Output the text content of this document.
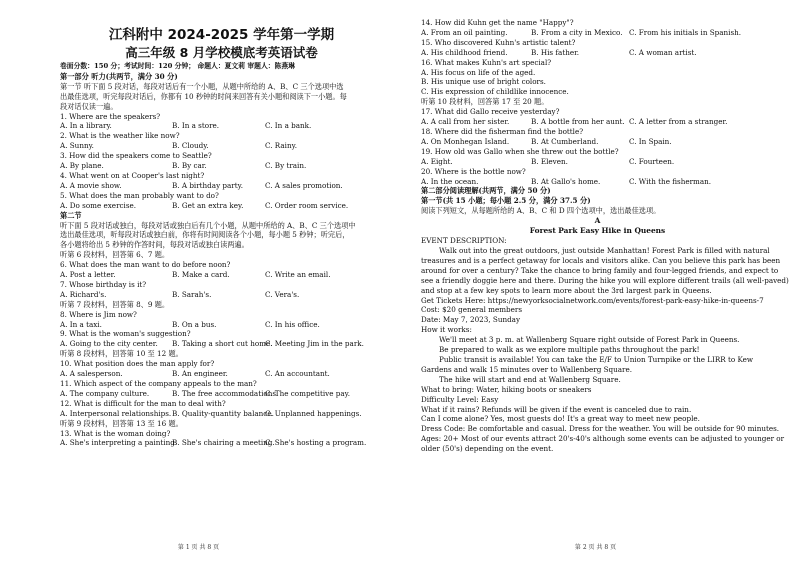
江科附中 2024-2025 学年第一学期
高三年级 8 月学校模底考英语试卷
卷面分数：150 分；考试时间：120 分钟； 命题人：夏文莉 审题人：陈燕琳
第一部分 听力(共两节，满分 30 分)
第一节 听下面 5 段对话，每段对话后有一个小题，从题中所给的 A、B、C 三个选项中选
出最佳选项，听完每段对话后，你都有 10 秒钟的时间来回答有关小题和阅读下一小题。每
段对话仅读一遍。
1. Where are the speakers?
A. In a library.	B. In a store.	C. In a bank.
2. What is the weather like now?
A. Sunny.	B. Cloudy.	C. Rainy.
3. How did the speakers come to Seattle?
A. By plane.	B. By car.	C. By train.
4. What went on at Cooper's last night?
A. A movie show.	B. A birthday party.	C. A sales promotion.
5. What does the man probably want to do?
A. Do some exercise.	B. Get an extra key.	C. Order room service.
第二节
听下面 5 段对话或独白，每段对话或独白后有几个小题，从题中所给的 A、B、C 三个选项中
选出最佳选项，听每段对话或独白前，你将有时间阅读各个小题，每小题 5 秒钟；听完后，
各小题将给出 5 秒钟的作答时间，每段对话或独白读两遍。
听第 6 段材料，回答第 6、7 题。
6. What does the man want to do before noon?
A. Post a letter.	B. Make a card.	C. Write an email.
7. Whose birthday is it?
A. Richard's.	B. Sarah's.	C. Vera's.
听第 7 段材料，回答第 8、9 题。
8. Where is Jim now?
A. In a taxi.	B. On a bus.	C. In his office.
9. What is the woman's suggestion?
A. Going to the city center.	B. Taking a short cut home.
C. Meeting Jim in the park.
听第 8 段材料，回答第 10 至 12 题。
10. What position does the man apply for?
A. A salesperson.	B. An engineer.	C. An accountant.
11. Which aspect of the company appeals to the man?
A. The company culture.	B. The free accommodations.
C. The competitive pay.
12. What is difficult for the man to deal with?
A. Interpersonal relationships. B. Quality-quantity balance.
C. Unplanned happenings.
听第 9 段材料，回答第 13 至 16 题。
13. What is the woman doing?
A. She's interpreting a painting.
B. She's chairing a meeting.
C. She's hosting a program.
第 1 页 共 8 页
14. How did Kuhn get the name "Happy"?
A. From an oil painting.	B. From a city in Mexico. C. From his initials in Spanish.
15. Who discovered Kuhn's artistic talent?
A. His childhood friend.	B. His father.	C. A woman artist.
16. What makes Kuhn's art special?
A. His focus on life of the aged.
B. His unique use of bright colors.
C. His expression of childlike innocence.
听第 10 段材料，回答第 17 至 20 题。
17. What did Gallo receive yesterday?
A. A call from her sister.	B. A bottle from her aunt. C. A letter from a stranger.
18. Where did the fisherman find the bottle?
A. On Monhegan Island.	B. At Cumberland.	C. In Spain.
19. How old was Gallo when she threw out the bottle?
A. Eight.	B. Eleven.	C. Fourteen.
20. Where is the bottle now?
A. In the ocean.	B. At Gallo's home.	C. With the fisherman.
第二部分阅读理解(共两节，满分 50 分)
第一节(共 15 小题；每小题 2.5 分，满分 37.5 分)
阅读下列短文，从每题所给的 A、B、C 和 D 四个选项中，选出最佳选项。
A
Forest Park Easy Hike in Queens
EVENT DESCRIPTION:
Walk out into the great outdoors, just outside Manhattan! Forest Park is filled with natural
treasures and is a perfect getaway for locals and visitors alike. Can you believe this park has been
around for over a century? Take the chance to bring family and four-legged friends, and expect to
see a friendly doggie here and there. During the hike you will explore different trails (all well-paved)
and stop at a few key spots to learn more about the 3rd largest park in Queens.
Get Tickets Here: https://newyorksocialnetwork.com/events/forest-park-easy-hike-in-queens-7
Cost: $20 general members
Date: May 7, 2023, Sunday
How it works:
We'll meet at 3 p. m. at Wallenberg Square right outside of Forest Park in Queens.
Be prepared to walk as we explore multiple paths throughout the park!
Public transit is available! You can take the E/F to Union Turnpike or the LIRR to Kew
Gardens and walk 15 minutes over to Wallenberg Square.
The hike will start and end at Wallenberg Square.
What to bring: Water, hiking boots or sneakers
Difficulty Level: Easy
What if it rains? Refunds will be given if the event is canceled due to rain.
Can I come alone? Yes, most guests do! It's a great way to meet new people.
Dress Code: Be comfortable and casual. Dress for the weather. You will be outside for 90 minutes.
Ages: 20+ Most of our events attract 20's-40's although some events can be adjusted to younger or
older (50's) depending on the event.
第 2 页 共 8 页
